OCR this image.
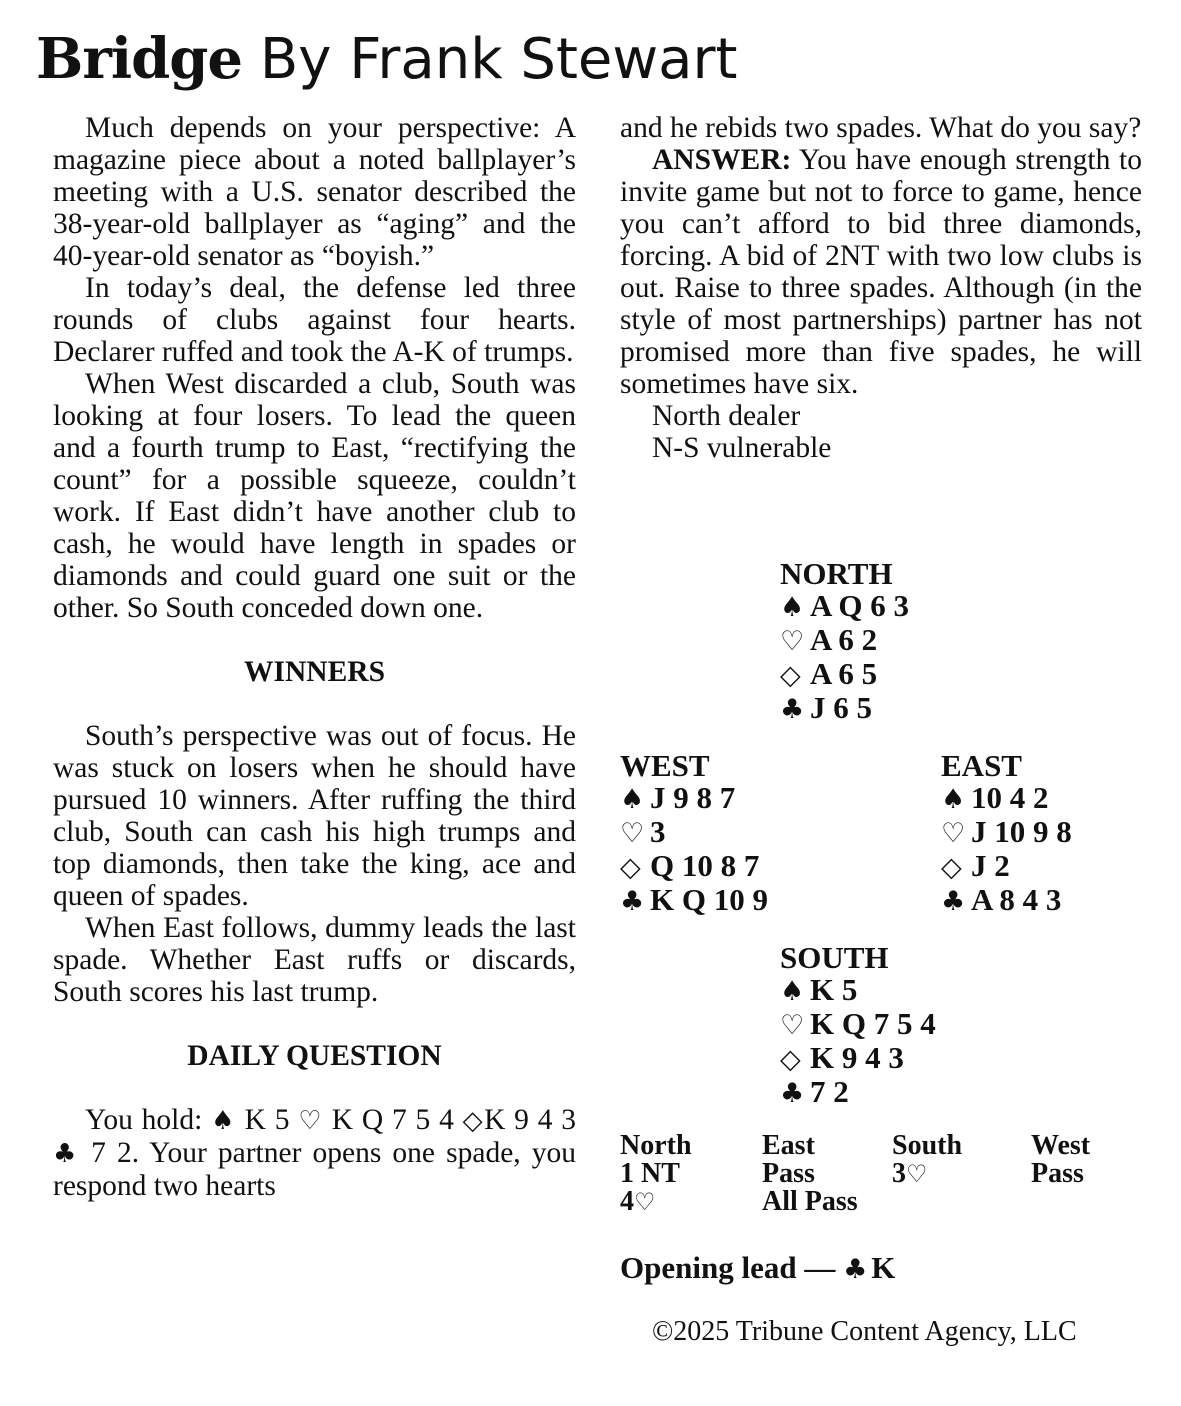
Bridge By Frank Stewart

Much depends on your perspective: A magazine piece about a noted ballplayer’s meeting with a U.S. senator described the 38-year-old ballplayer as “aging” and the 40-year-old senator as “boyish.”

In today’s deal, the defense led three rounds of clubs against four hearts. Declarer ruffed and took the A-K of trumps.

When West discarded a club, South was looking at four losers. To lead the queen and a fourth trump to East, “rectifying the count” for a possible squeeze, couldn’t work. If East didn’t have another club to cash, he would have length in spades or diamonds and could guard one suit or the other. So South conceded down one.

WINNERS

South’s perspective was out of focus. He was stuck on losers when he should have pursued 10 winners. After ruffing the third club, South can cash his high trumps and top diamonds, then take the king, ace and queen of spades.

When East follows, dummy leads the last spade. Whether East ruffs or discards, South scores his last trump.

DAILY QUESTION

You hold: ♠ K 5 ♡ K Q 7 5 4 ◇K 9 4 3 ♣ 7 2. Your partner opens one spade, you respond two hearts

and he rebids two spades. What do you say?

ANSWER: You have enough strength to invite game but not to force to game, hence you can’t afford to bid three diamonds, forcing. A bid of 2NT with two low clubs is out. Raise to three spades. Although (in the style of most partnerships) partner has not promised more than five spades, he will sometimes have six.

North dealer

N-S vulnerable

NORTH
♠ A Q 6 3
♡ A 6 2
◇ A 6 5
♣ J 6 5
WEST
♠ J 9 8 7
♡ 3
◇ Q 10 8 7
♣ K Q 10 9
EAST
♠ 10 4 2
♡ J 10 9 8
◇ J 2
♣ A 8 4 3
SOUTH
♠ K 5
♡ K Q 7 5 4
◇ K 9 4 3
♣ 7 2
North	East	South West
1 NT	Pass	3♡	Pass
4♡	All Pass
Opening lead — ♣ K
©2025 Tribune Content Agency, LLC
